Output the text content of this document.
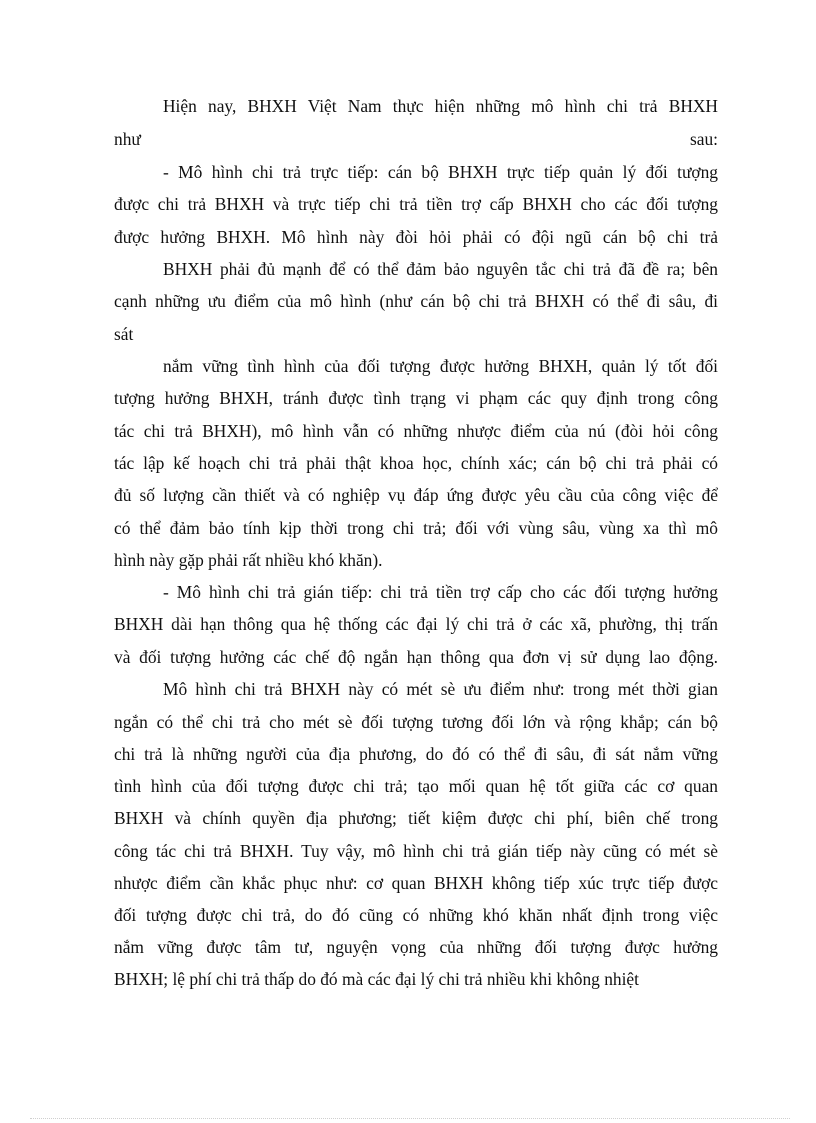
Hiện nay, BHXH Việt Nam thực hiện những mô hình chi trả BHXH
như sau:
- Mô hình chi trả trực tiếp: cán bộ BHXH trực tiếp quản lý đối tượng
được chi trả BHXH và trực tiếp chi trả tiền trợ cấp BHXH cho các đối tượng
được hưởng BHXH. Mô hình này đòi hỏi phải có đội ngũ cán bộ chi trả
BHXH phải đủ mạnh để có thể đảm bảo nguyên tắc chi trả đã đề ra; bên
cạnh những ưu điểm của mô hình (như cán bộ chi trả BHXH có thể đi sâu, đi
sát
nắm vững tình hình của đối tượng được hưởng BHXH, quản lý tốt đối
tượng hưởng BHXH, tránh được tình trạng vi phạm các quy định trong công
tác chi trả BHXH), mô hình vẫn có những nhược điểm của nú (đòi hỏi công
tác lập kế hoạch chi trả phải thật khoa học, chính xác; cán bộ chi trả phải có
đủ số lượng cần thiết và có nghiệp vụ đáp ứng được yêu cầu của công việc để
có thể đảm bảo tính kịp thời trong chi trả; đối với vùng sâu, vùng xa thì mô
hình này gặp phải rất nhiều khó khăn).
- Mô hình chi trả gián tiếp: chi trả tiền trợ cấp cho các đối tượng hưởng
BHXH dài hạn thông qua hệ thống các đại lý chi trả ở các xã, phường, thị trấn
và đối tượng hưởng các chế độ ngắn hạn thông qua đơn vị sử dụng lao động.
Mô hình chi trả BHXH này có mét sè ưu điểm như: trong mét thời gian
ngắn có thể chi trả cho mét sè đối tượng tương đối lớn và rộng khắp; cán bộ
chi trả là những người của địa phương, do đó có thể đi sâu, đi sát nắm vững
tình hình của đối tượng được chi trả; tạo mối quan hệ tốt giữa các cơ quan
BHXH và chính quyền địa phương; tiết kiệm được chi phí, biên chế trong
công tác chi trả BHXH. Tuy vậy, mô hình chi trả gián tiếp này cũng có mét sè
nhược điểm cần khắc phục như: cơ quan BHXH không tiếp xúc trực tiếp được
đối tượng được chi trả, do đó cũng có những khó khăn nhất định trong việc
nắm vững được tâm tư, nguyện vọng của những đối tượng được hưởng
BHXH; lệ phí chi trả thấp do đó mà các đại lý chi trả nhiều khi không nhiệt
